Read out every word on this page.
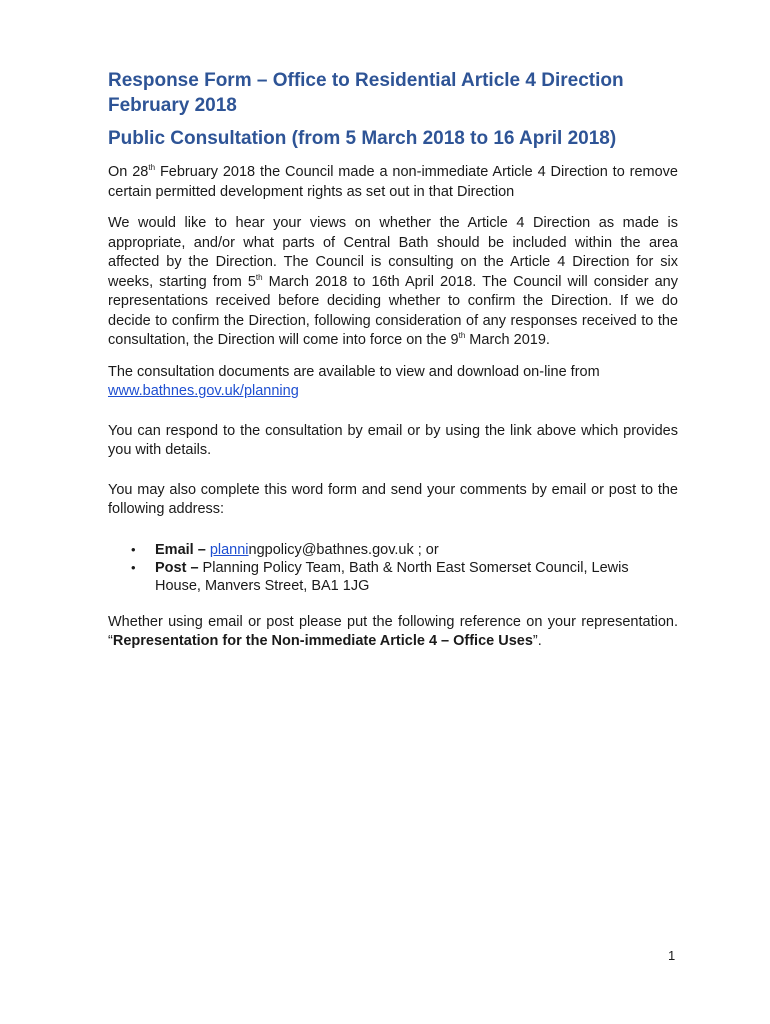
Response Form – Office to Residential Article 4 Direction February 2018
Public Consultation (from 5 March 2018 to 16 April 2018)

On 28th February 2018 the Council made a non-immediate Article 4 Direction to remove certain permitted development rights as set out in that Direction

We would like to hear your views on whether the Article 4 Direction as made is appropriate, and/or what parts of Central Bath should be included within the area affected by the Direction. The Council is consulting on the Article 4 Direction for six weeks, starting from 5th March 2018 to 16th April 2018. The Council will consider any representations received before deciding whether to confirm the Direction. If we do decide to confirm the Direction, following consideration of any responses received to the consultation, the Direction will come into force on the 9th March 2019.

The consultation documents are available to view and download on-line from www.bathnes.gov.uk/planning

You can respond to the consultation by email or by using the link above which provides you with details.

You may also complete this word form and send your comments by email or post to the following address:

• Email – planningpolicy@bathnes.gov.uk ; or
• Post – Planning Policy Team, Bath & North East Somerset Council, Lewis House, Manvers Street, BA1 1JG

Whether using email or post please put the following reference on your representation. “Representation for the Non-immediate Article 4 – Office Uses”.

1
